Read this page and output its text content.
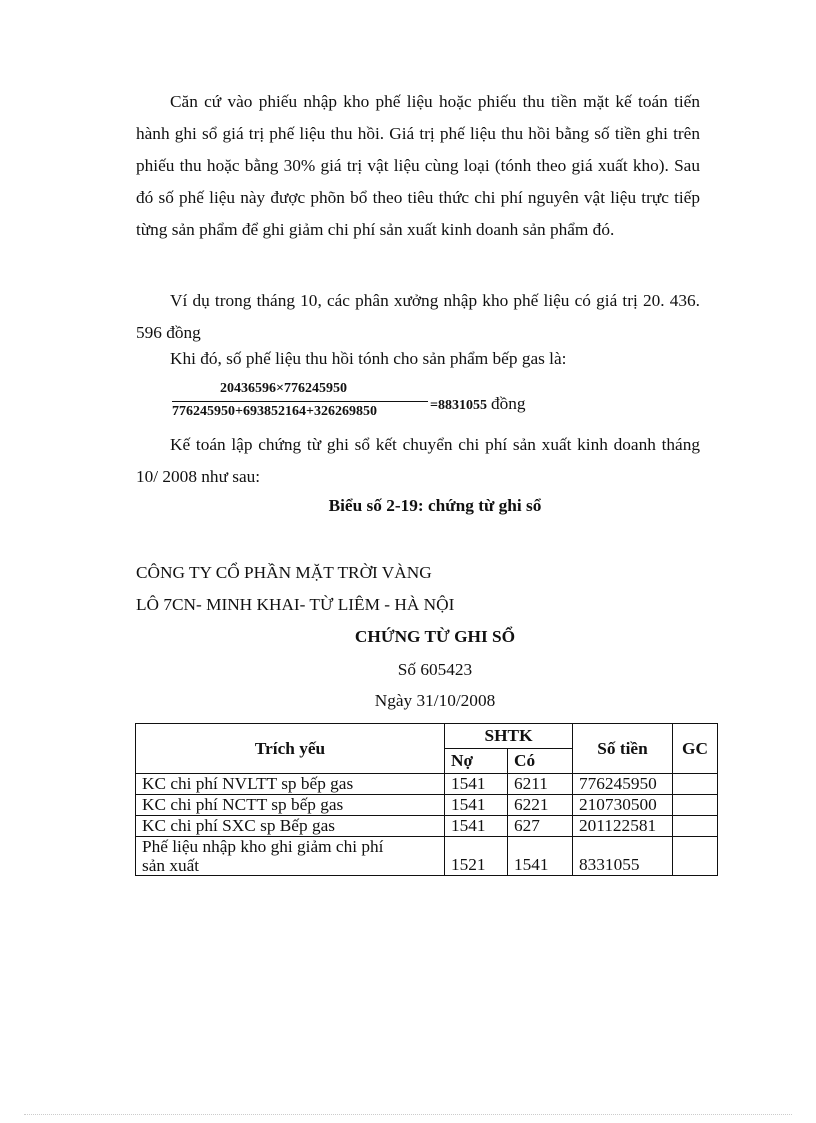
Căn cứ vào phiếu nhập kho phế liệu hoặc phiếu thu tiền mặt kế toán tiến hành ghi sổ giá trị phế liệu thu hồi. Giá trị phế liệu thu hồi bằng số tiền ghi trên phiếu thu hoặc bằng 30% giá trị vật liệu cùng loại (tónh theo giá xuất kho). Sau đó số phế liệu này được phõn bổ theo tiêu thức chi phí nguyên vật liệu trực tiếp từng sản phẩm để ghi giảm chi phí sản xuất kinh doanh sản phẩm đó.

Ví dụ trong tháng 10, các phân xưởng nhập kho phế liệu có giá trị 20. 436. 596 đồng

Khi đó, số phế liệu thu hồi tónh cho sản phẩm bếp gas là:

20436596×776245950
776245950+693852164+326269850	=8831055 đồng

Kế toán lập chứng từ ghi sổ kết chuyển chi phí sản xuất kinh doanh tháng 10/ 2008 như sau:

Biểu số 2-19: chứng từ ghi sổ
CÔNG TY CỔ PHẦN MẶT TRỜI VÀNG
LÔ 7CN- MINH KHAI- TỪ LIÊM - HÀ NỘI
CHỨNG TỪ GHI SỔ
Số 605423
Ngày 31/10/2008
Trích yếu	SHTK		Số tiền	GC
	Nợ	Có		
KC chi phí NVLTT sp bếp gas	1541	6211	776245950	
KC chi phí NCTT sp bếp gas	1541	6221	210730500	
KC chi phí SXC sp Bếp gas	1541	627	201122581	
Phế liệu nhập kho ghi giảm chi phí
sản xuất	1521	1541	8331055	
